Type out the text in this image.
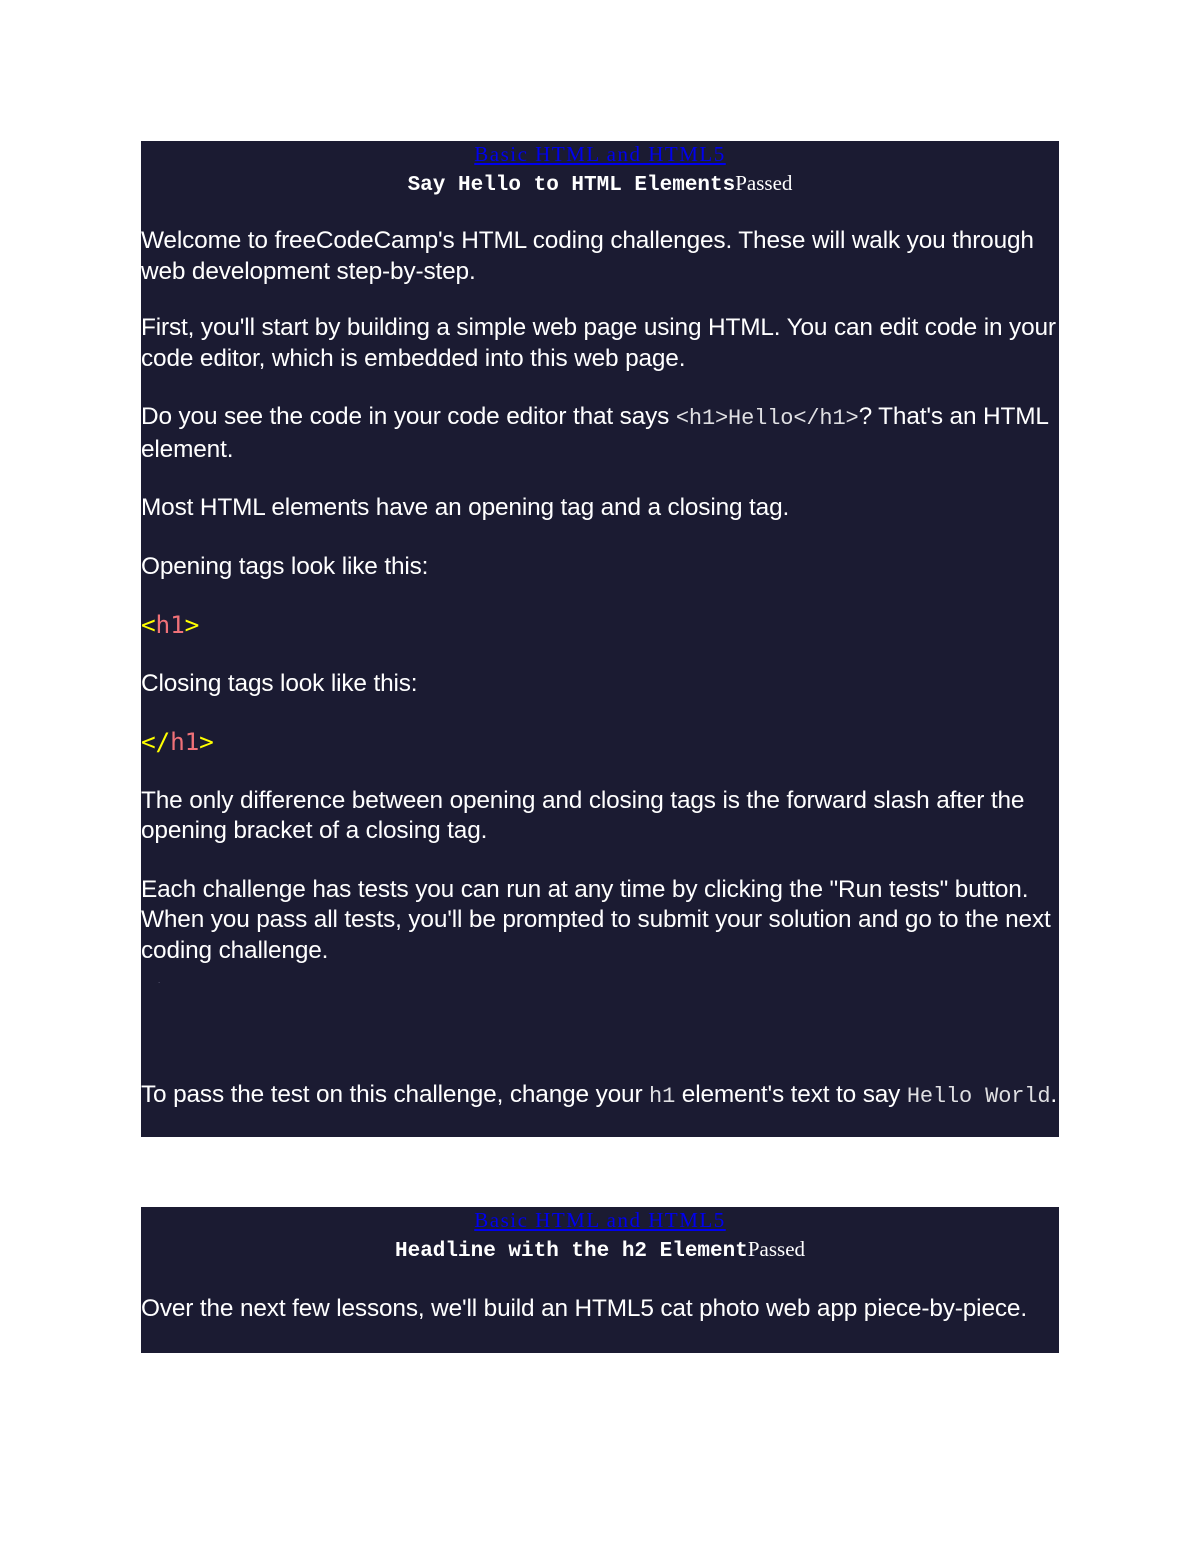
Basic HTML and HTML5
Say Hello to HTML ElementsPassed

Welcome to freeCodeCamp's HTML coding challenges. These will walk you through web development step-by-step.

First, you'll start by building a simple web page using HTML. You can edit code in your code editor, which is embedded into this web page.

Do you see the code in your code editor that says <h1>Hello</h1>? That's an HTML element.

Most HTML elements have an opening tag and a closing tag.

Opening tags look like this:

<h1>

Closing tags look like this:

</h1>

The only difference between opening and closing tags is the forward slash after the opening bracket of a closing tag.

Each challenge has tests you can run at any time by clicking the "Run tests" button. When you pass all tests, you'll be prompted to submit your solution and go to the next coding challenge.

.

To pass the test on this challenge, change your h1 element's text to say Hello World.

Basic HTML and HTML5
Headline with the h2 ElementPassed

Over the next few lessons, we'll build an HTML5 cat photo web app piece-by-piece.
